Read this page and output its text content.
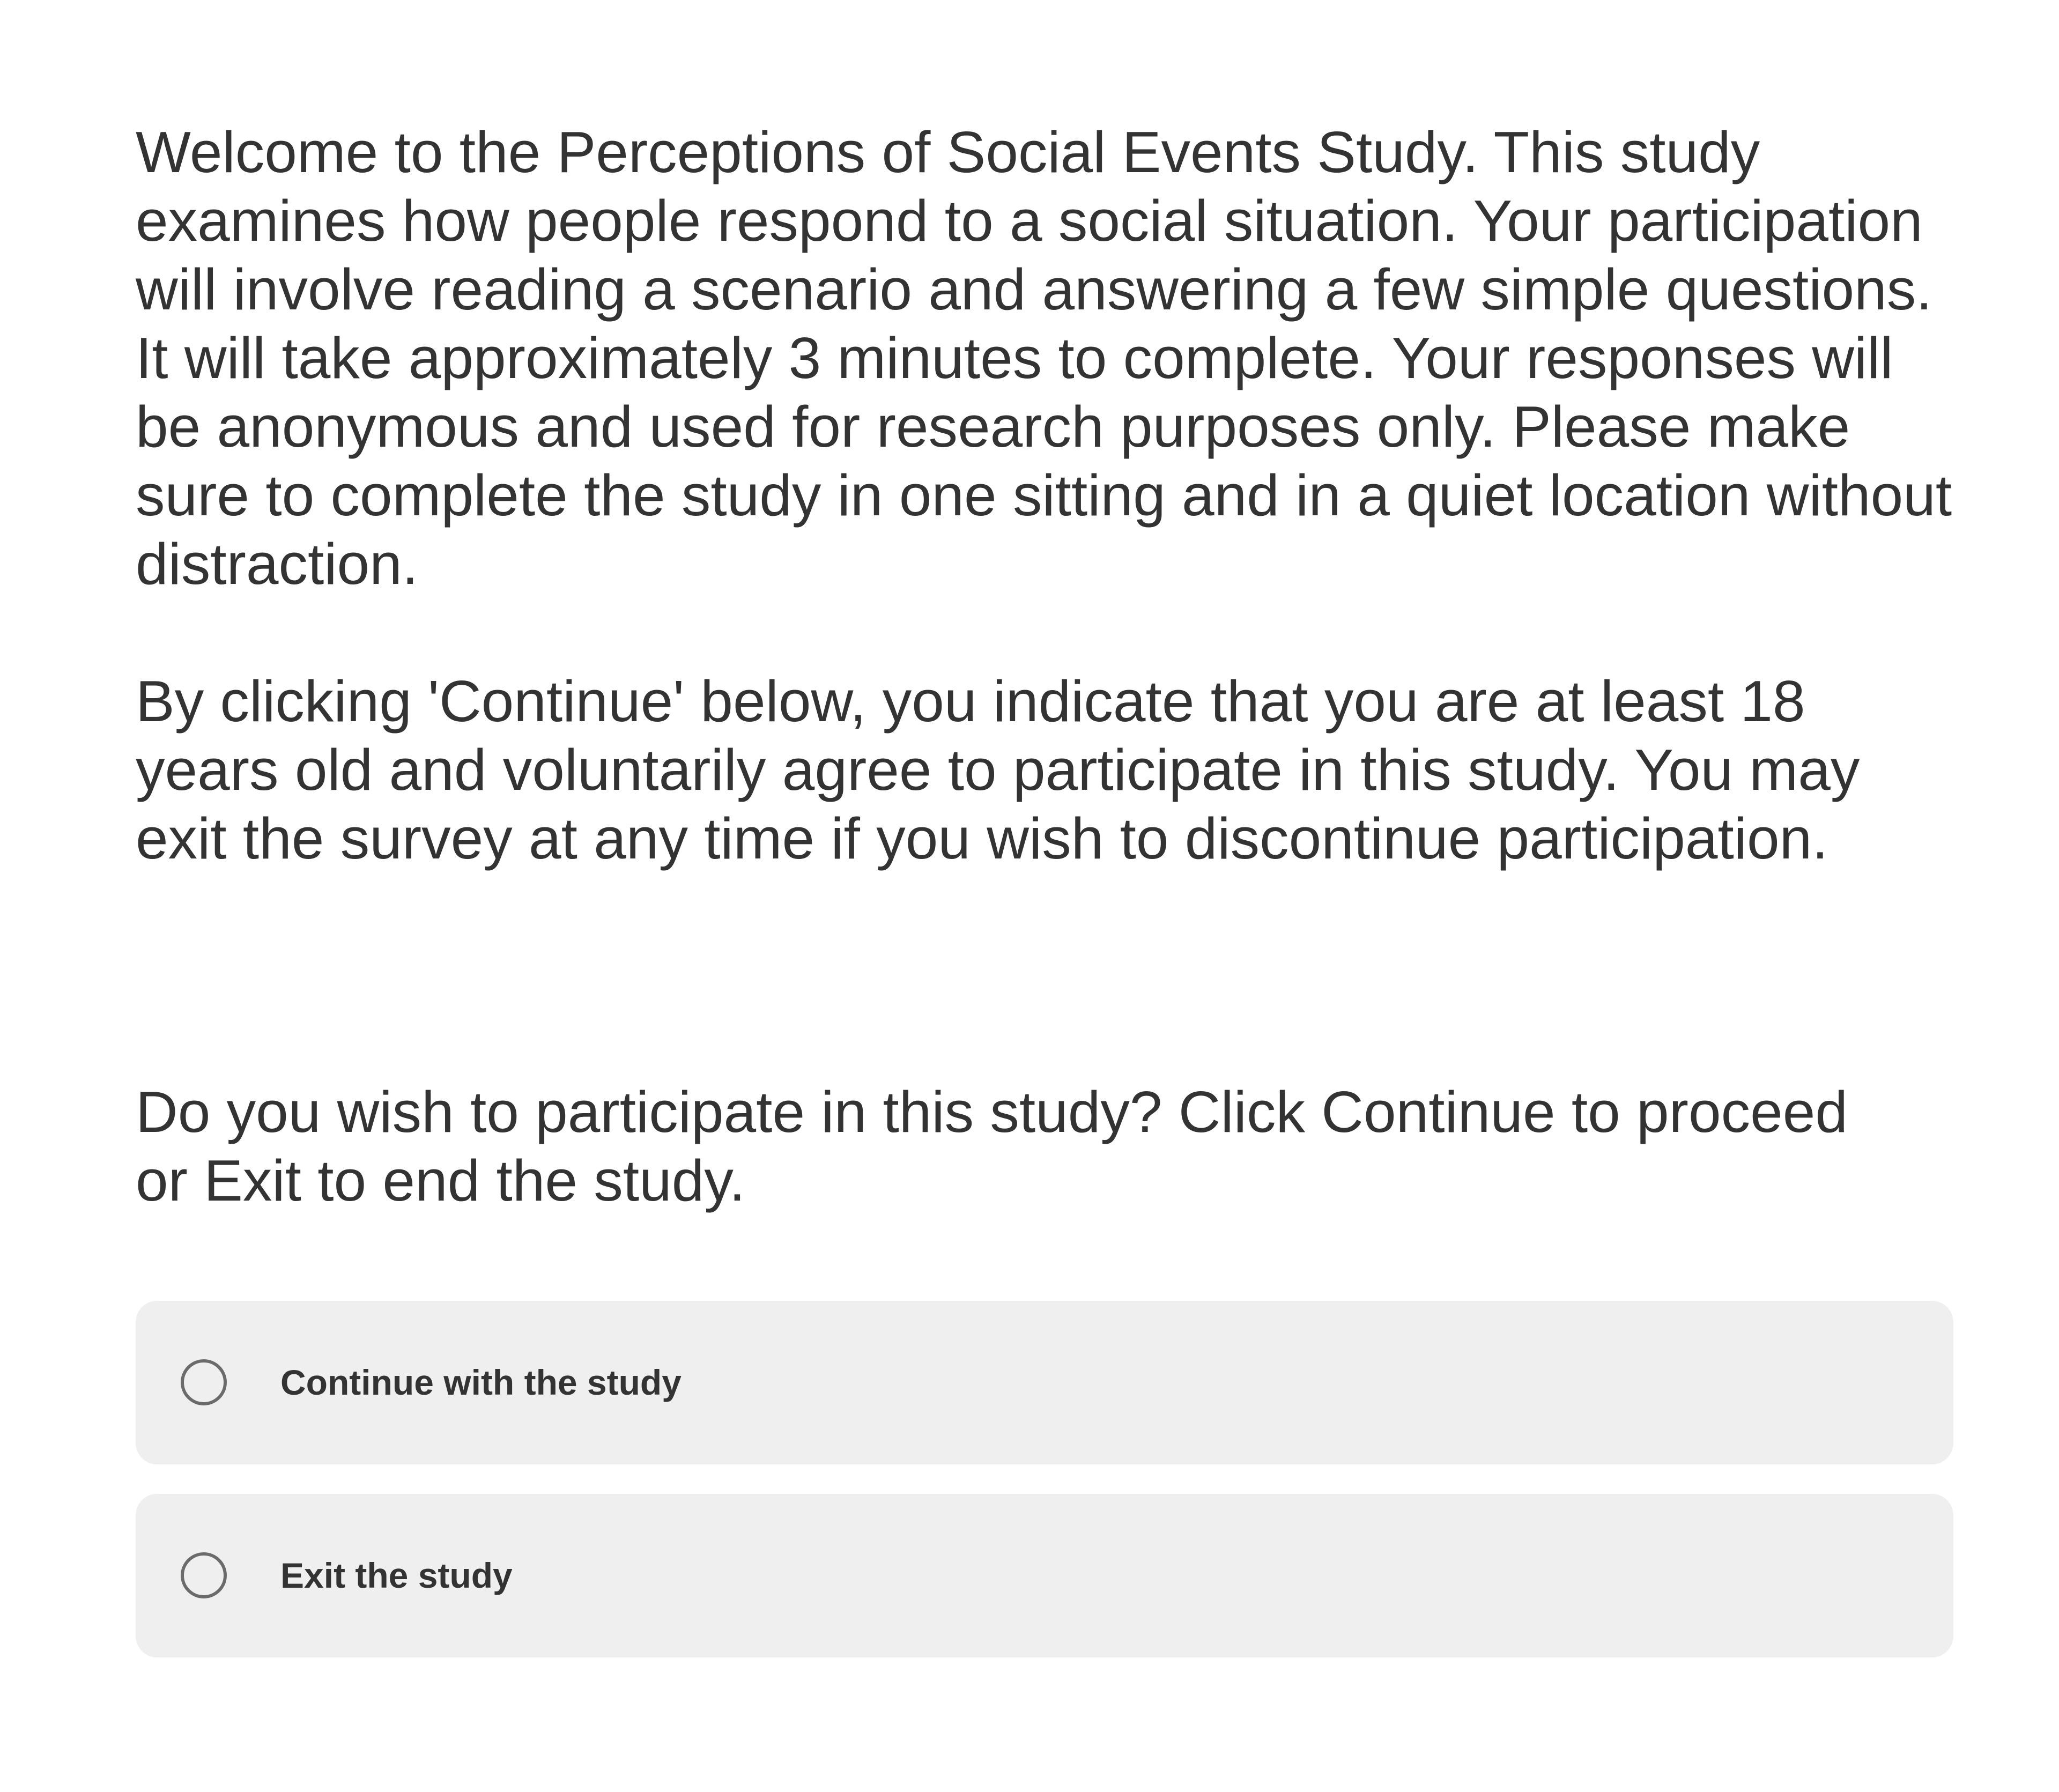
Welcome to the Perceptions of Social Events Study. This study examines how people respond to a social situation. Your participation will involve reading a scenario and answering a few simple questions. It will take approximately 3 minutes to complete. Your responses will be anonymous and used for research purposes only. Please make sure to complete the study in one sitting and in a quiet location without distraction.

By clicking 'Continue' below, you indicate that you are at least 18 years old and voluntarily agree to participate in this study. You may exit the survey at any time if you wish to discontinue participation.

Do you wish to participate in this study? Click Continue to proceed or Exit to end the study.

Continue with the study
Exit the study
